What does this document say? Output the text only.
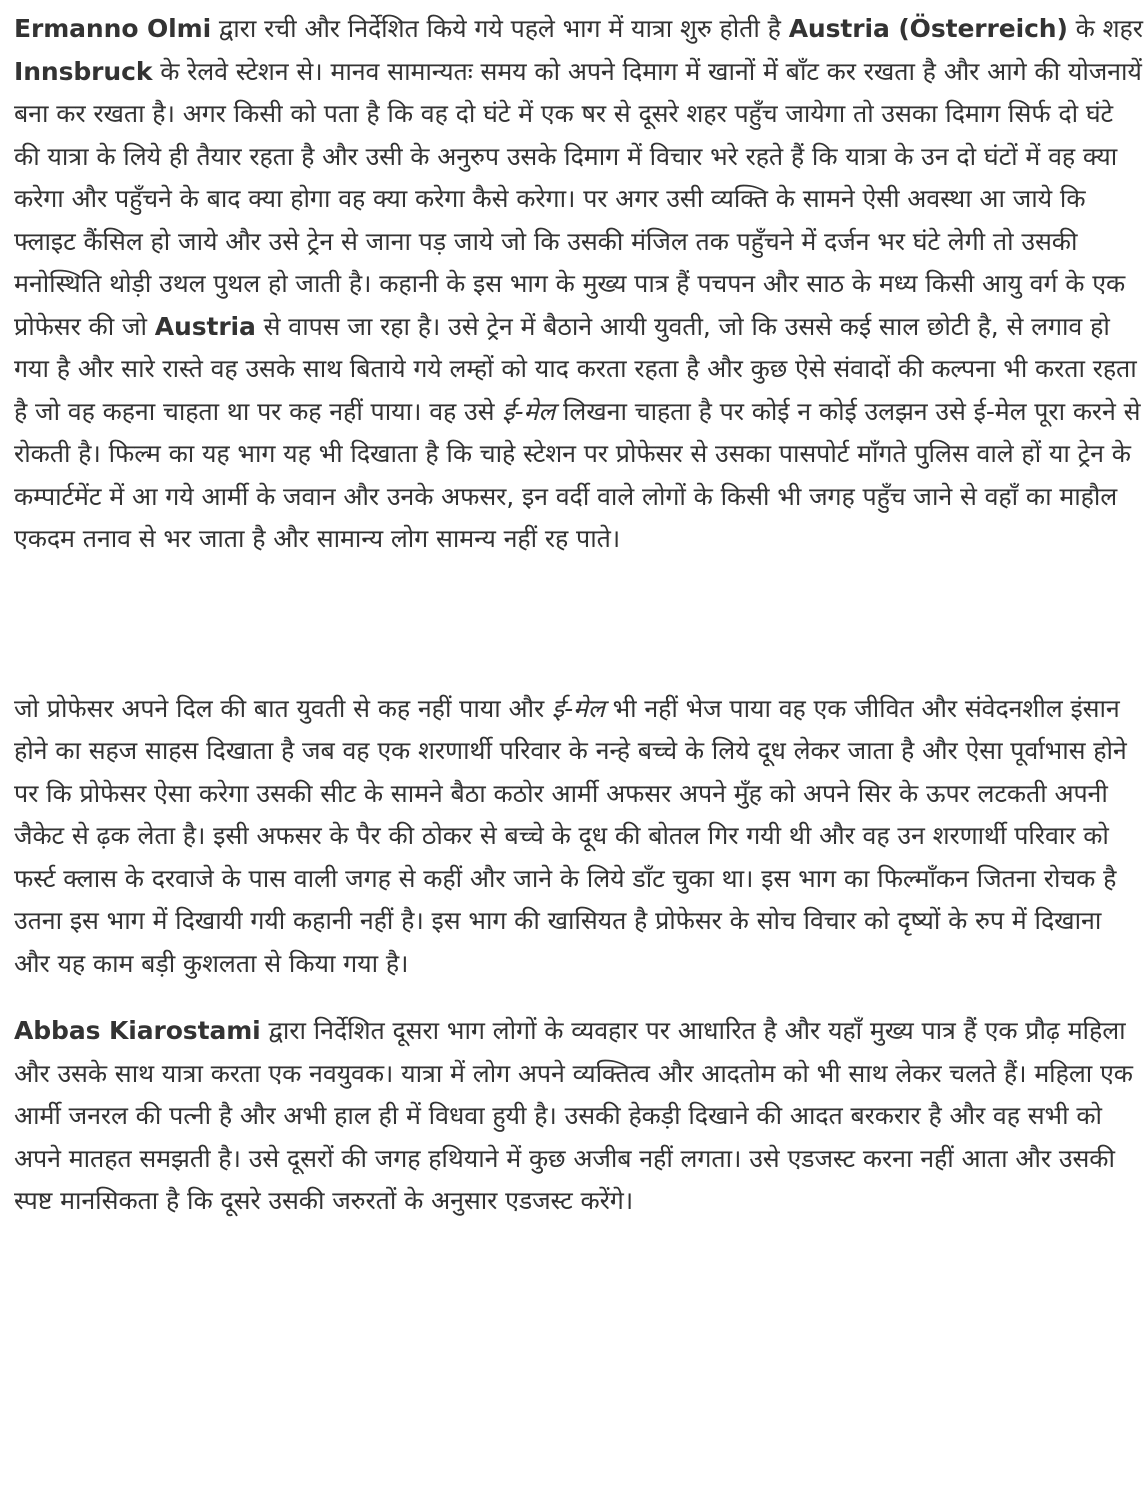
Ermanno Olmi द्वारा रची और निर्देशित किये गये पहले भाग में यात्रा शुरु होती है Austria (Österreich) के शहर Innsbruck के रेलवे स्टेशन से। मानव सामान्यतः समय को अपने दिमाग में खानों में बाँट कर रखता है और आगे की योजनायें बना कर रखता है। अगर किसी को पता है कि वह दो घंटे में एक षर से दूसरे शहर पहुँच जायेगा तो उसका दिमाग सिर्फ दो घंटे की यात्रा के लिये ही तैयार रहता है और उसी के अनुरुप उसके दिमाग में विचार भरे रहते हैं कि यात्रा के उन दो घंटों में वह क्या करेगा और पहुँचने के बाद क्या होगा वह क्या करेगा कैसे करेगा। पर अगर उसी व्यक्ति के सामने ऐसी अवस्था आ जाये कि फ्लाइट कैंसिल हो जाये और उसे ट्रेन से जाना पड़ जाये जो कि उसकी मंजिल तक पहुँचने में दर्जन भर घंटे लेगी तो उसकी मनोस्थिति थोड़ी उथल पुथल हो जाती है। कहानी के इस भाग के मुख्य पात्र हैं पचपन और साठ के मध्य किसी आयु वर्ग के एक प्रोफेसर की जो Austria से वापस जा रहा है। उसे ट्रेन में बैठाने आयी युवती, जो कि उससे कई साल छोटी है, से लगाव हो गया है और सारे रास्ते वह उसके साथ बिताये गये लम्हों को याद करता रहता है और कुछ ऐसे संवादों की कल्पना भी करता रहता है जो वह कहना चाहता था पर कह नहीं पाया। वह उसे ई-मेल लिखना चाहता है पर कोई न कोई उलझन उसे ई-मेल पूरा करने से रोकती है। फिल्म का यह भाग यह भी दिखाता है कि चाहे स्टेशन पर प्रोफेसर से उसका पासपोर्ट माँगते पुलिस वाले हों या ट्रेन के कम्पार्टमेंट में आ गये आर्मी के जवान और उनके अफसर, इन वर्दी वाले लोगों के किसी भी जगह पहुँच जाने से वहाँ का माहौल एकदम तनाव से भर जाता है और सामान्य लोग सामन्य नहीं रह पाते।

जो प्रोफेसर अपने दिल की बात युवती से कह नहीं पाया और ई-मेल भी नहीं भेज पाया वह एक जीवित और संवेदनशील इंसान होने का सहज साहस दिखाता है जब वह एक शरणार्थी परिवार के नन्हे बच्चे के लिये दूध लेकर जाता है और ऐसा पूर्वाभास होने पर कि प्रोफेसर ऐसा करेगा उसकी सीट के सामने बैठा कठोर आर्मी अफसर अपने मुँह को अपने सिर के ऊपर लटकती अपनी जैकेट से ढ़क लेता है। इसी अफसर के पैर की ठोकर से बच्चे के दूध की बोतल गिर गयी थी और वह उन शरणार्थी परिवार को फर्स्ट क्लास के दरवाजे के पास वाली जगह से कहीं और जाने के लिये डाँट चुका था। इस भाग का फिल्माँकन जितना रोचक है उतना इस भाग में दिखायी गयी कहानी नहीं है। इस भाग की खासियत है प्रोफेसर के सोच विचार को दृष्यों के रुप में दिखाना और यह काम बड़ी कुशलता से किया गया है।

Abbas Kiarostami द्वारा निर्देशित दूसरा भाग लोगों के व्यवहार पर आधारित है और यहाँ मुख्य पात्र हैं एक प्रौढ़ महिला और उसके साथ यात्रा करता एक नवयुवक। यात्रा में लोग अपने व्यक्तित्व और आदतोम को भी साथ लेकर चलते हैं। महिला एक आर्मी जनरल की पत्नी है और अभी हाल ही में विधवा हुयी है। उसकी हेकड़ी दिखाने की आदत बरकरार है और वह सभी को अपने मातहत समझती है। उसे दूसरों की जगह हथियाने में कुछ अजीब नहीं लगता। उसे एडजस्ट करना नहीं आता और उसकी स्पष्ट मानसिकता है कि दूसरे उसकी जरुरतों के अनुसार एडजस्ट करेंगे।
